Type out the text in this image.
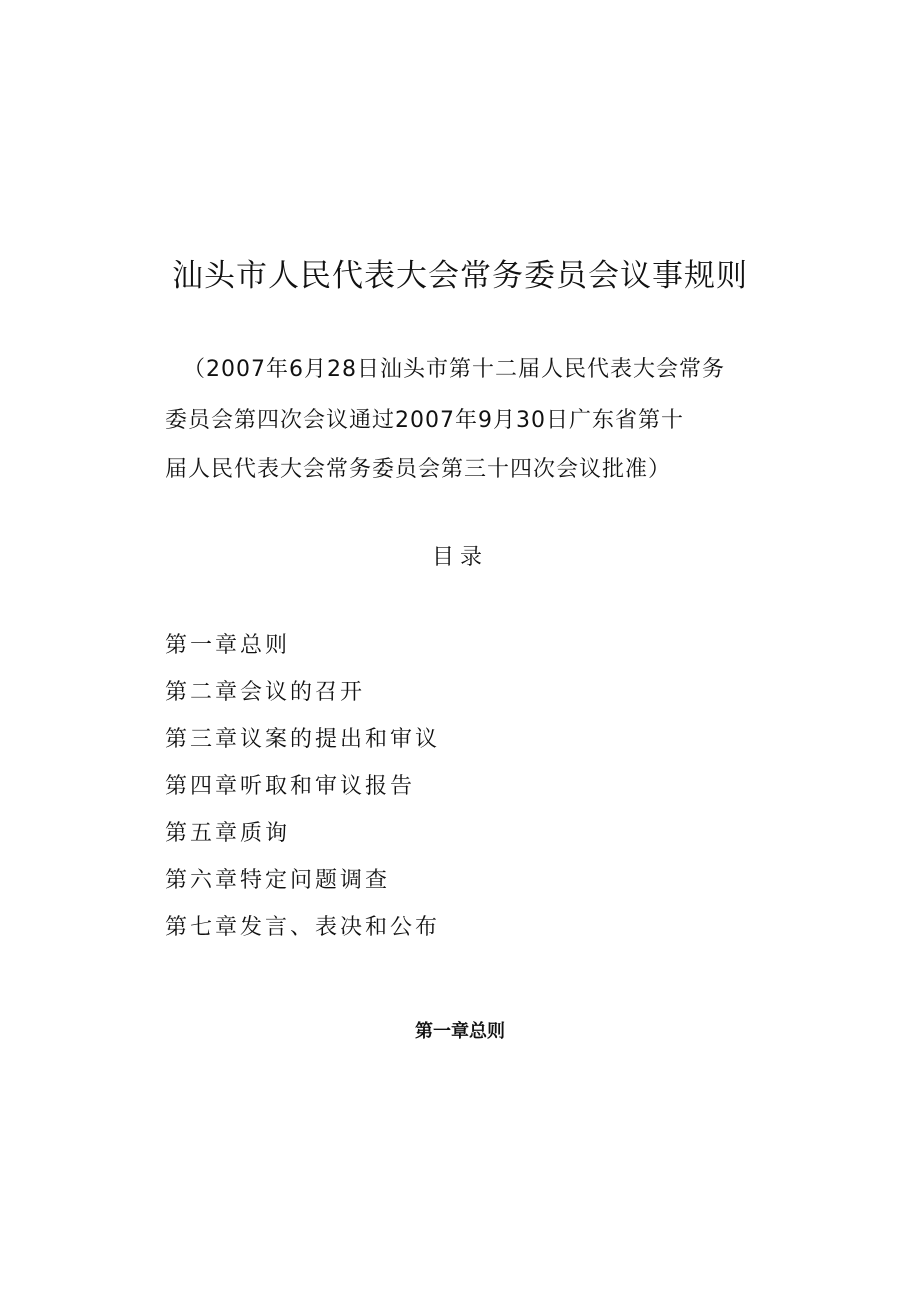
汕头市人民代表大会常务委员会议事规则
（2007年6月28日汕头市第十二届人民代表大会常务
委员会第四次会议通过2007年9月30日广东省第十
届人民代表大会常务委员会第三十四次会议批准）
目录
第一章总则
第二章会议的召开
第三章议案的提出和审议
第四章听取和审议报告
第五章质询
第六章特定问题调查
第七章发言、表决和公布
第一章总则
